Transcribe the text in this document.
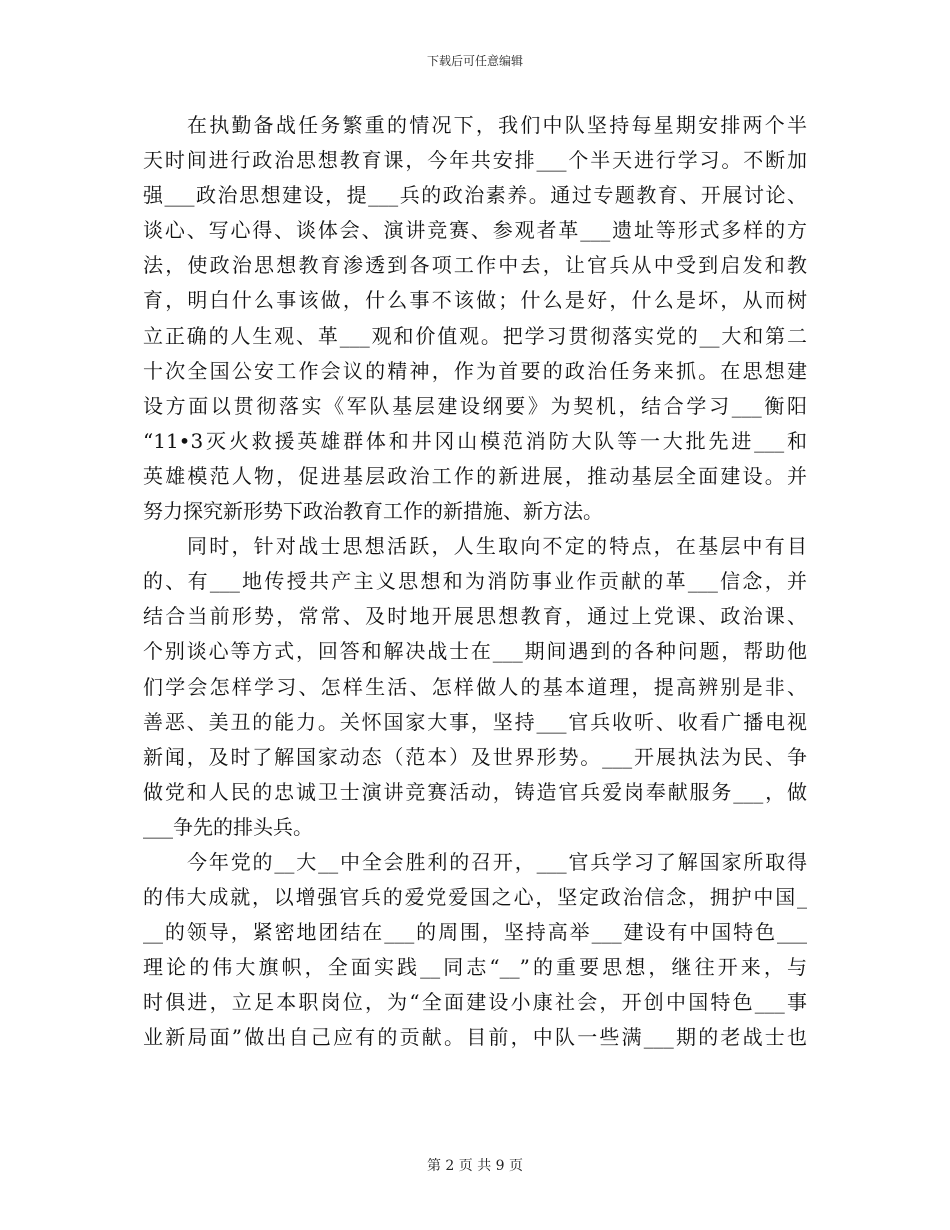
下载后可任意编辑
在执勤备战任务繁重的情况下，我们中队坚持每星期安排两个半
天时间进行政治思想教育课，今年共安排___个半天进行学习。不断加
强___政治思想建设，提___兵的政治素养。通过专题教育、开展讨论、
谈心、写心得、谈体会、演讲竞赛、参观者革___遗址等形式多样的方
法，使政治思想教育渗透到各项工作中去，让官兵从中受到启发和教
育，明白什么事该做，什么事不该做；什么是好，什么是坏，从而树
立正确的人生观、革___观和价值观。把学习贯彻落实党的__大和第二
十次全国公安工作会议的精神，作为首要的政治任务来抓。在思想建
设方面以贯彻落实《军队基层建设纲要》为契机，结合学习___衡阳
“11•3灭火救援英雄群体和井冈山模范消防大队等一大批先进___和
英雄模范人物，促进基层政治工作的新进展，推动基层全面建设。并
努力探究新形势下政治教育工作的新措施、新方法。
同时，针对战士思想活跃，人生取向不定的特点，在基层中有目
的、有___地传授共产主义思想和为消防事业作贡献的革___信念，并
结合当前形势，常常、及时地开展思想教育，通过上党课、政治课、
个别谈心等方式，回答和解决战士在___期间遇到的各种问题，帮助他
们学会怎样学习、怎样生活、怎样做人的基本道理，提高辨别是非、
善恶、美丑的能力。关怀国家大事，坚持___官兵收听、收看广播电视
新闻，及时了解国家动态（范本）及世界形势。___开展执法为民、争
做党和人民的忠诚卫士演讲竞赛活动，铸造官兵爱岗奉献服务___，做
___争先的排头兵。
今年党的__大__中全会胜利的召开，___官兵学习了解国家所取得
的伟大成就，以增强官兵的爱党爱国之心，坚定政治信念，拥护中国_
__的领导，紧密地团结在___的周围，坚持高举___建设有中国特色___
理论的伟大旗帜，全面实践__同志“__”的重要思想，继往开来，与
时俱进，立足本职岗位，为“全面建设小康社会，开创中国特色___事
业新局面”做出自己应有的贡献。目前，中队一些满___期的老战士也
第 2 页 共 9 页
